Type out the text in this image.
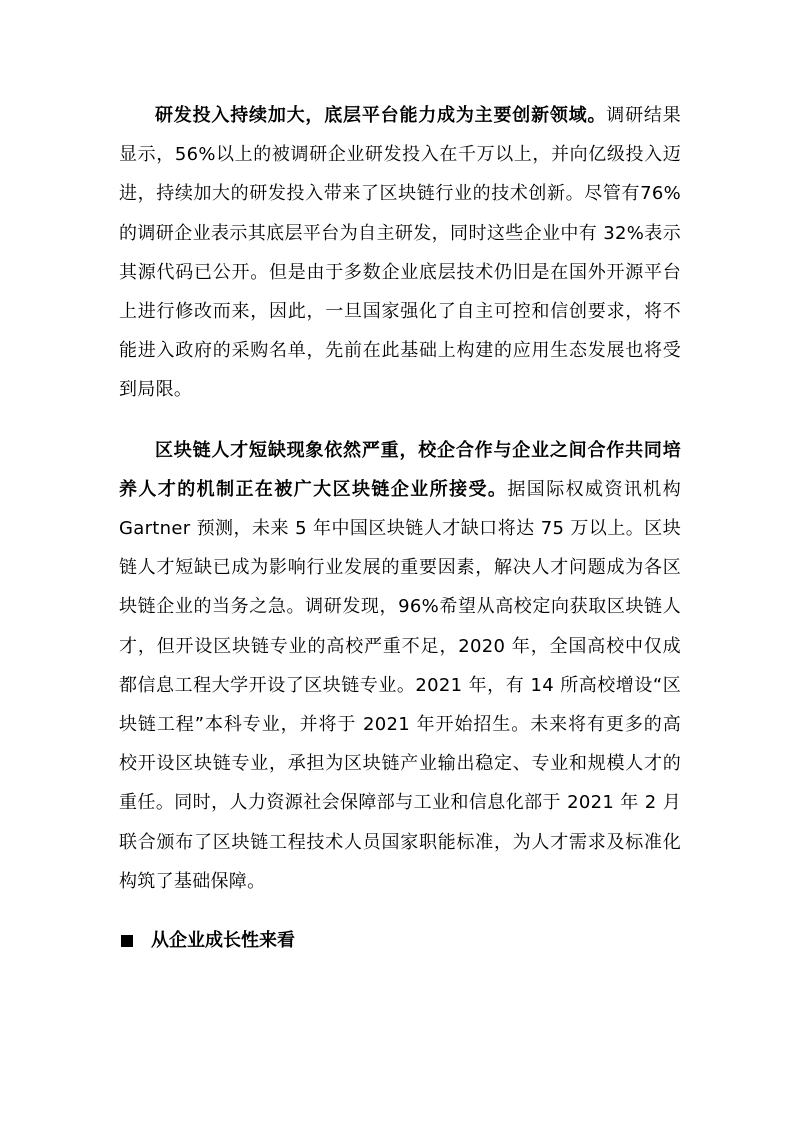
研发投入持续加大，底层平台能力成为主要创新领域。调研结果显示，56%以上的被调研企业研发投入在千万以上，并向亿级投入迈进，持续加大的研发投入带来了区块链行业的技术创新。尽管有76%的调研企业表示其底层平台为自主研发，同时这些企业中有 32%表示其源代码已公开。但是由于多数企业底层技术仍旧是在国外开源平台上进行修改而来，因此，一旦国家强化了自主可控和信创要求，将不能进入政府的采购名单，先前在此基础上构建的应用生态发展也将受到局限。

区块链人才短缺现象依然严重，校企合作与企业之间合作共同培养人才的机制正在被广大区块链企业所接受。据国际权威资讯机构 Gartner 预测，未来 5 年中国区块链人才缺口将达 75 万以上。区块链人才短缺已成为影响行业发展的重要因素，解决人才问题成为各区块链企业的当务之急。调研发现，96%希望从高校定向获取区块链人才，但开设区块链专业的高校严重不足，2020 年，全国高校中仅成都信息工程大学开设了区块链专业。2021 年，有 14 所高校增设“区块链工程”本科专业，并将于 2021 年开始招生。未来将有更多的高校开设区块链专业，承担为区块链产业输出稳定、专业和规模人才的重任。同时，人力资源社会保障部与工业和信息化部于 2021 年 2 月联合颁布了区块链工程技术人员国家职能标准，为人才需求及标准化构筑了基础保障。

从企业成长性来看
